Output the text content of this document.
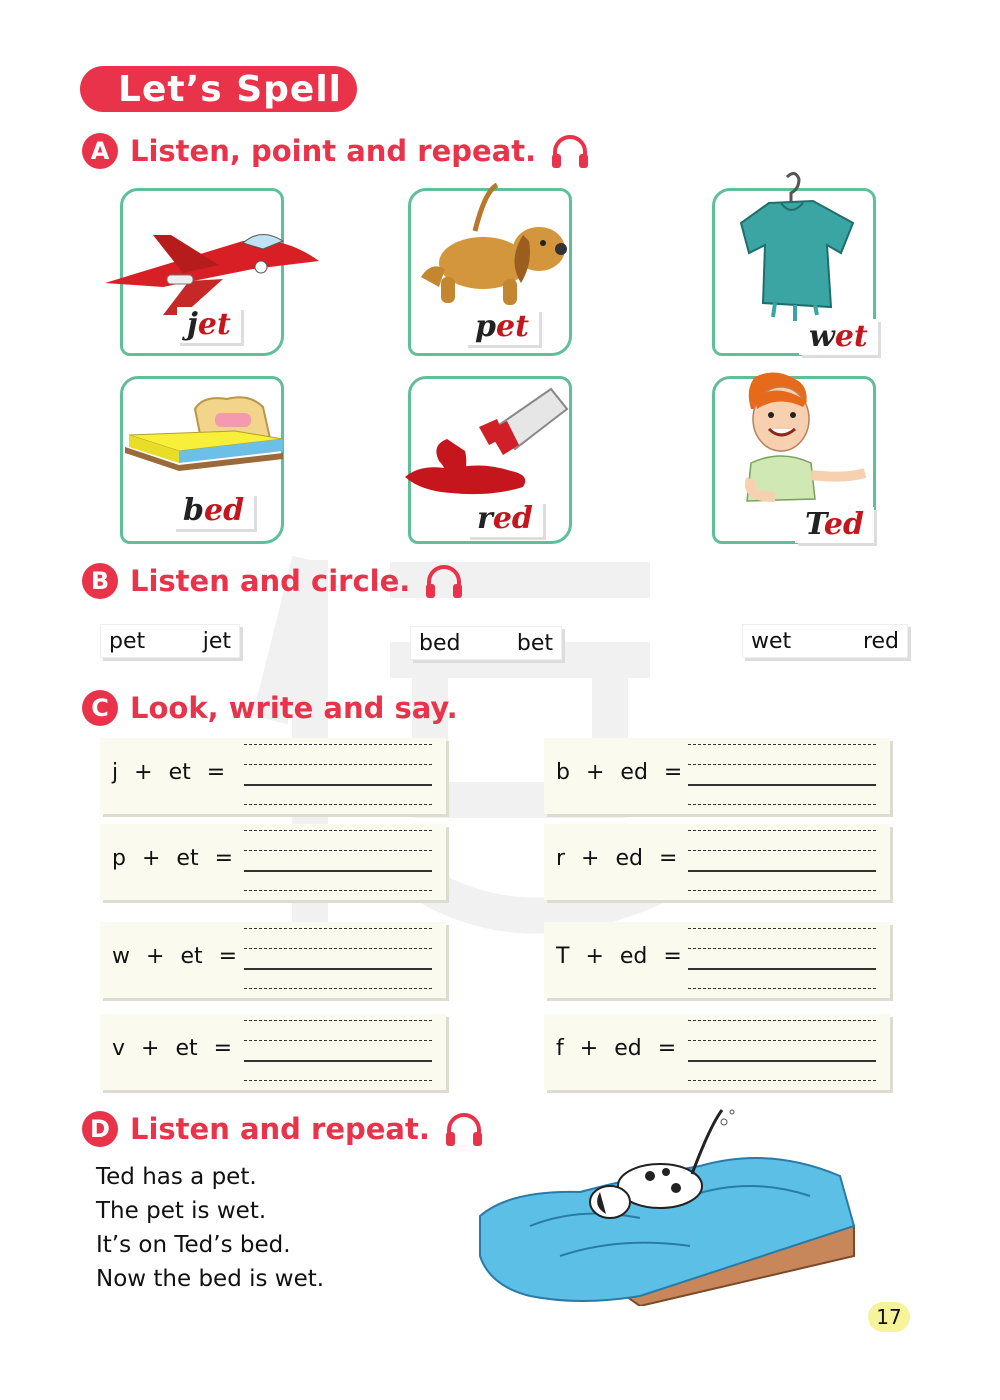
Let’s Spell
A Listen, point and repeat.
jet	pet	wet
bed	red	Ted
B Listen and circle.
pet	jet	bed	bet	wet	red
C Look, write and say.
j + et =
p + et =
w + et =
v + et =
b + ed =
r + ed =
T + ed =
f + ed =
D Listen and repeat.
Ted has a pet.
The pet is wet.
It’s on Ted’s bed.
Now the bed is wet.
17
